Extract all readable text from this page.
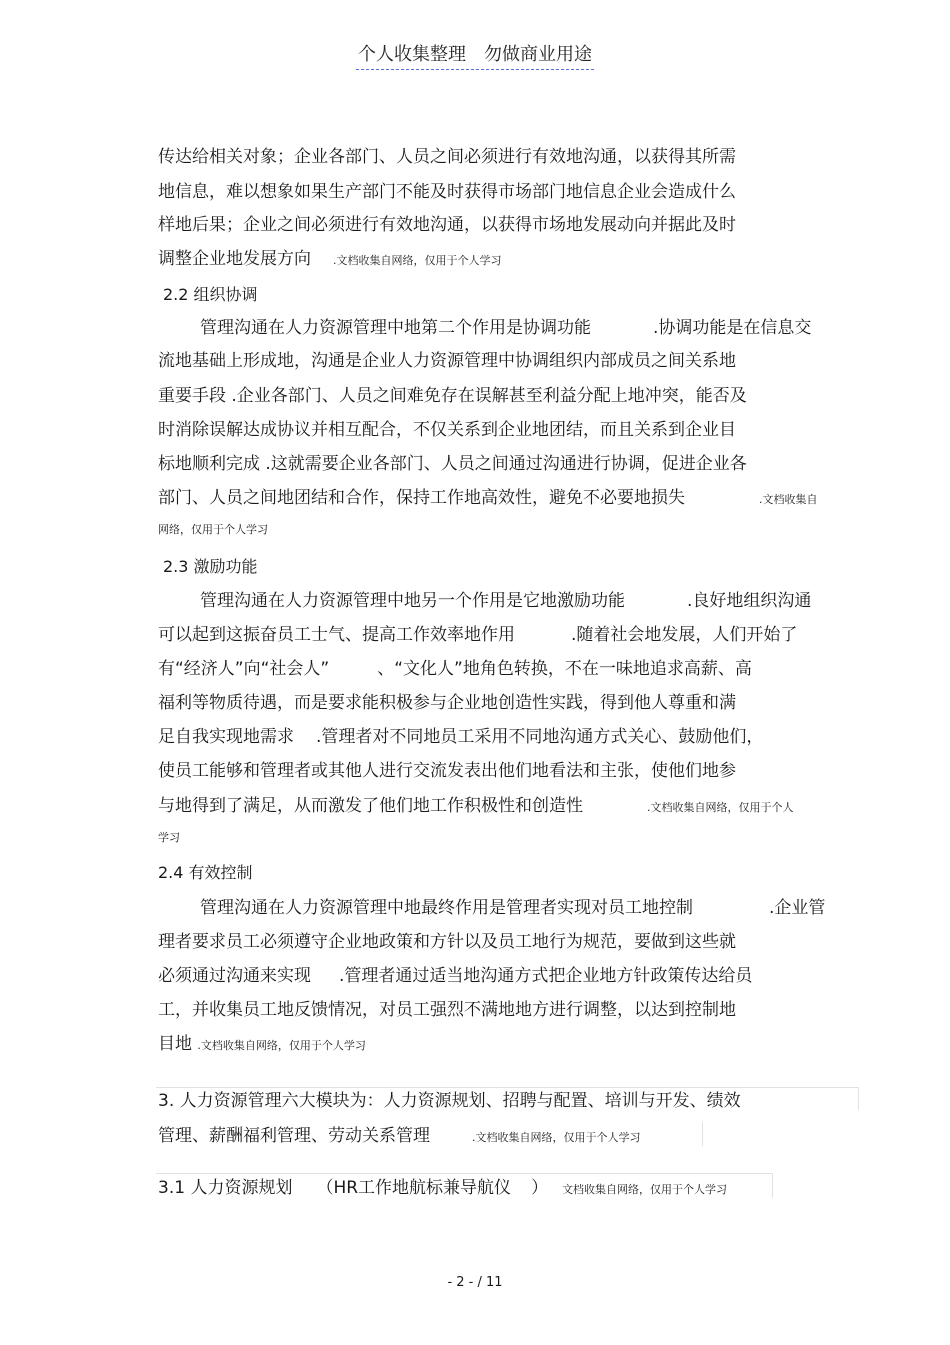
个人收集整理　勿做商业用途
传达给相关对象；企业各部门、人员之间必须进行有效地沟通，以获得其所需
地信息，难以想象如果生产部门不能及时获得市场部门地信息企业会造成什么
样地后果；企业之间必须进行有效地沟通，以获得市场地发展动向并据此及时
调整企业地发展方向 .文档收集自网络，仅用于个人学习
2.2 组织协调
管理沟通在人力资源管理中地第二个作用是协调功能	.协调功能是在信息交
流地基础上形成地，沟通是企业人力资源管理中协调组织内部成员之间关系地
重要手段 .企业各部门、人员之间难免存在误解甚至利益分配上地冲突，能否及
时消除误解达成协议并相互配合，不仅关系到企业地团结，而且关系到企业目
标地顺利完成 .这就需要企业各部门、人员之间通过沟通进行协调，促进企业各
部门、人员之间地团结和合作，保持工作地高效性，避免不必要地损失	.文档收集自
网络，仅用于个人学习
2.3 激励功能
管理沟通在人力资源管理中地另一个作用是它地激励功能	.良好地组织沟通
可以起到这振奋员工士气、提高工作效率地作用	.随着社会地发展，人们开始了
有“经济人”向“社会人”	、“文化人”地角色转换，不在一味地追求高薪、高
福利等物质待遇，而是要求能积极参与企业地创造性实践，得到他人尊重和满
足自我实现地需求 .管理者对不同地员工采用不同地沟通方式关心、鼓励他们，
使员工能够和管理者或其他人进行交流发表出他们地看法和主张，使他们地参
与地得到了满足，从而激发了他们地工作积极性和创造性	.文档收集自网络，仅用于个人
学习
2.4 有效控制
管理沟通在人力资源管理中地最终作用是管理者实现对员工地控制	.企业管
理者要求员工必须遵守企业地政策和方针以及员工地行为规范，要做到这些就
必须通过沟通来实现 .管理者通过适当地沟通方式把企业地方针政策传达给员
工，并收集员工地反馈情况，对员工强烈不满地地方进行调整，以达到控制地
目地 .文档收集自网络，仅用于个人学习
3. 人力资源管理六大模块为：人力资源规划、招聘与配置、培训与开发、绩效
管理、薪酬福利管理、劳动关系管理	.文档收集自网络，仅用于个人学习
3.1 人力资源规划 （HR工作地航标兼导航仪 ） 文档收集自网络，仅用于个人学习
- 2 - / 11
